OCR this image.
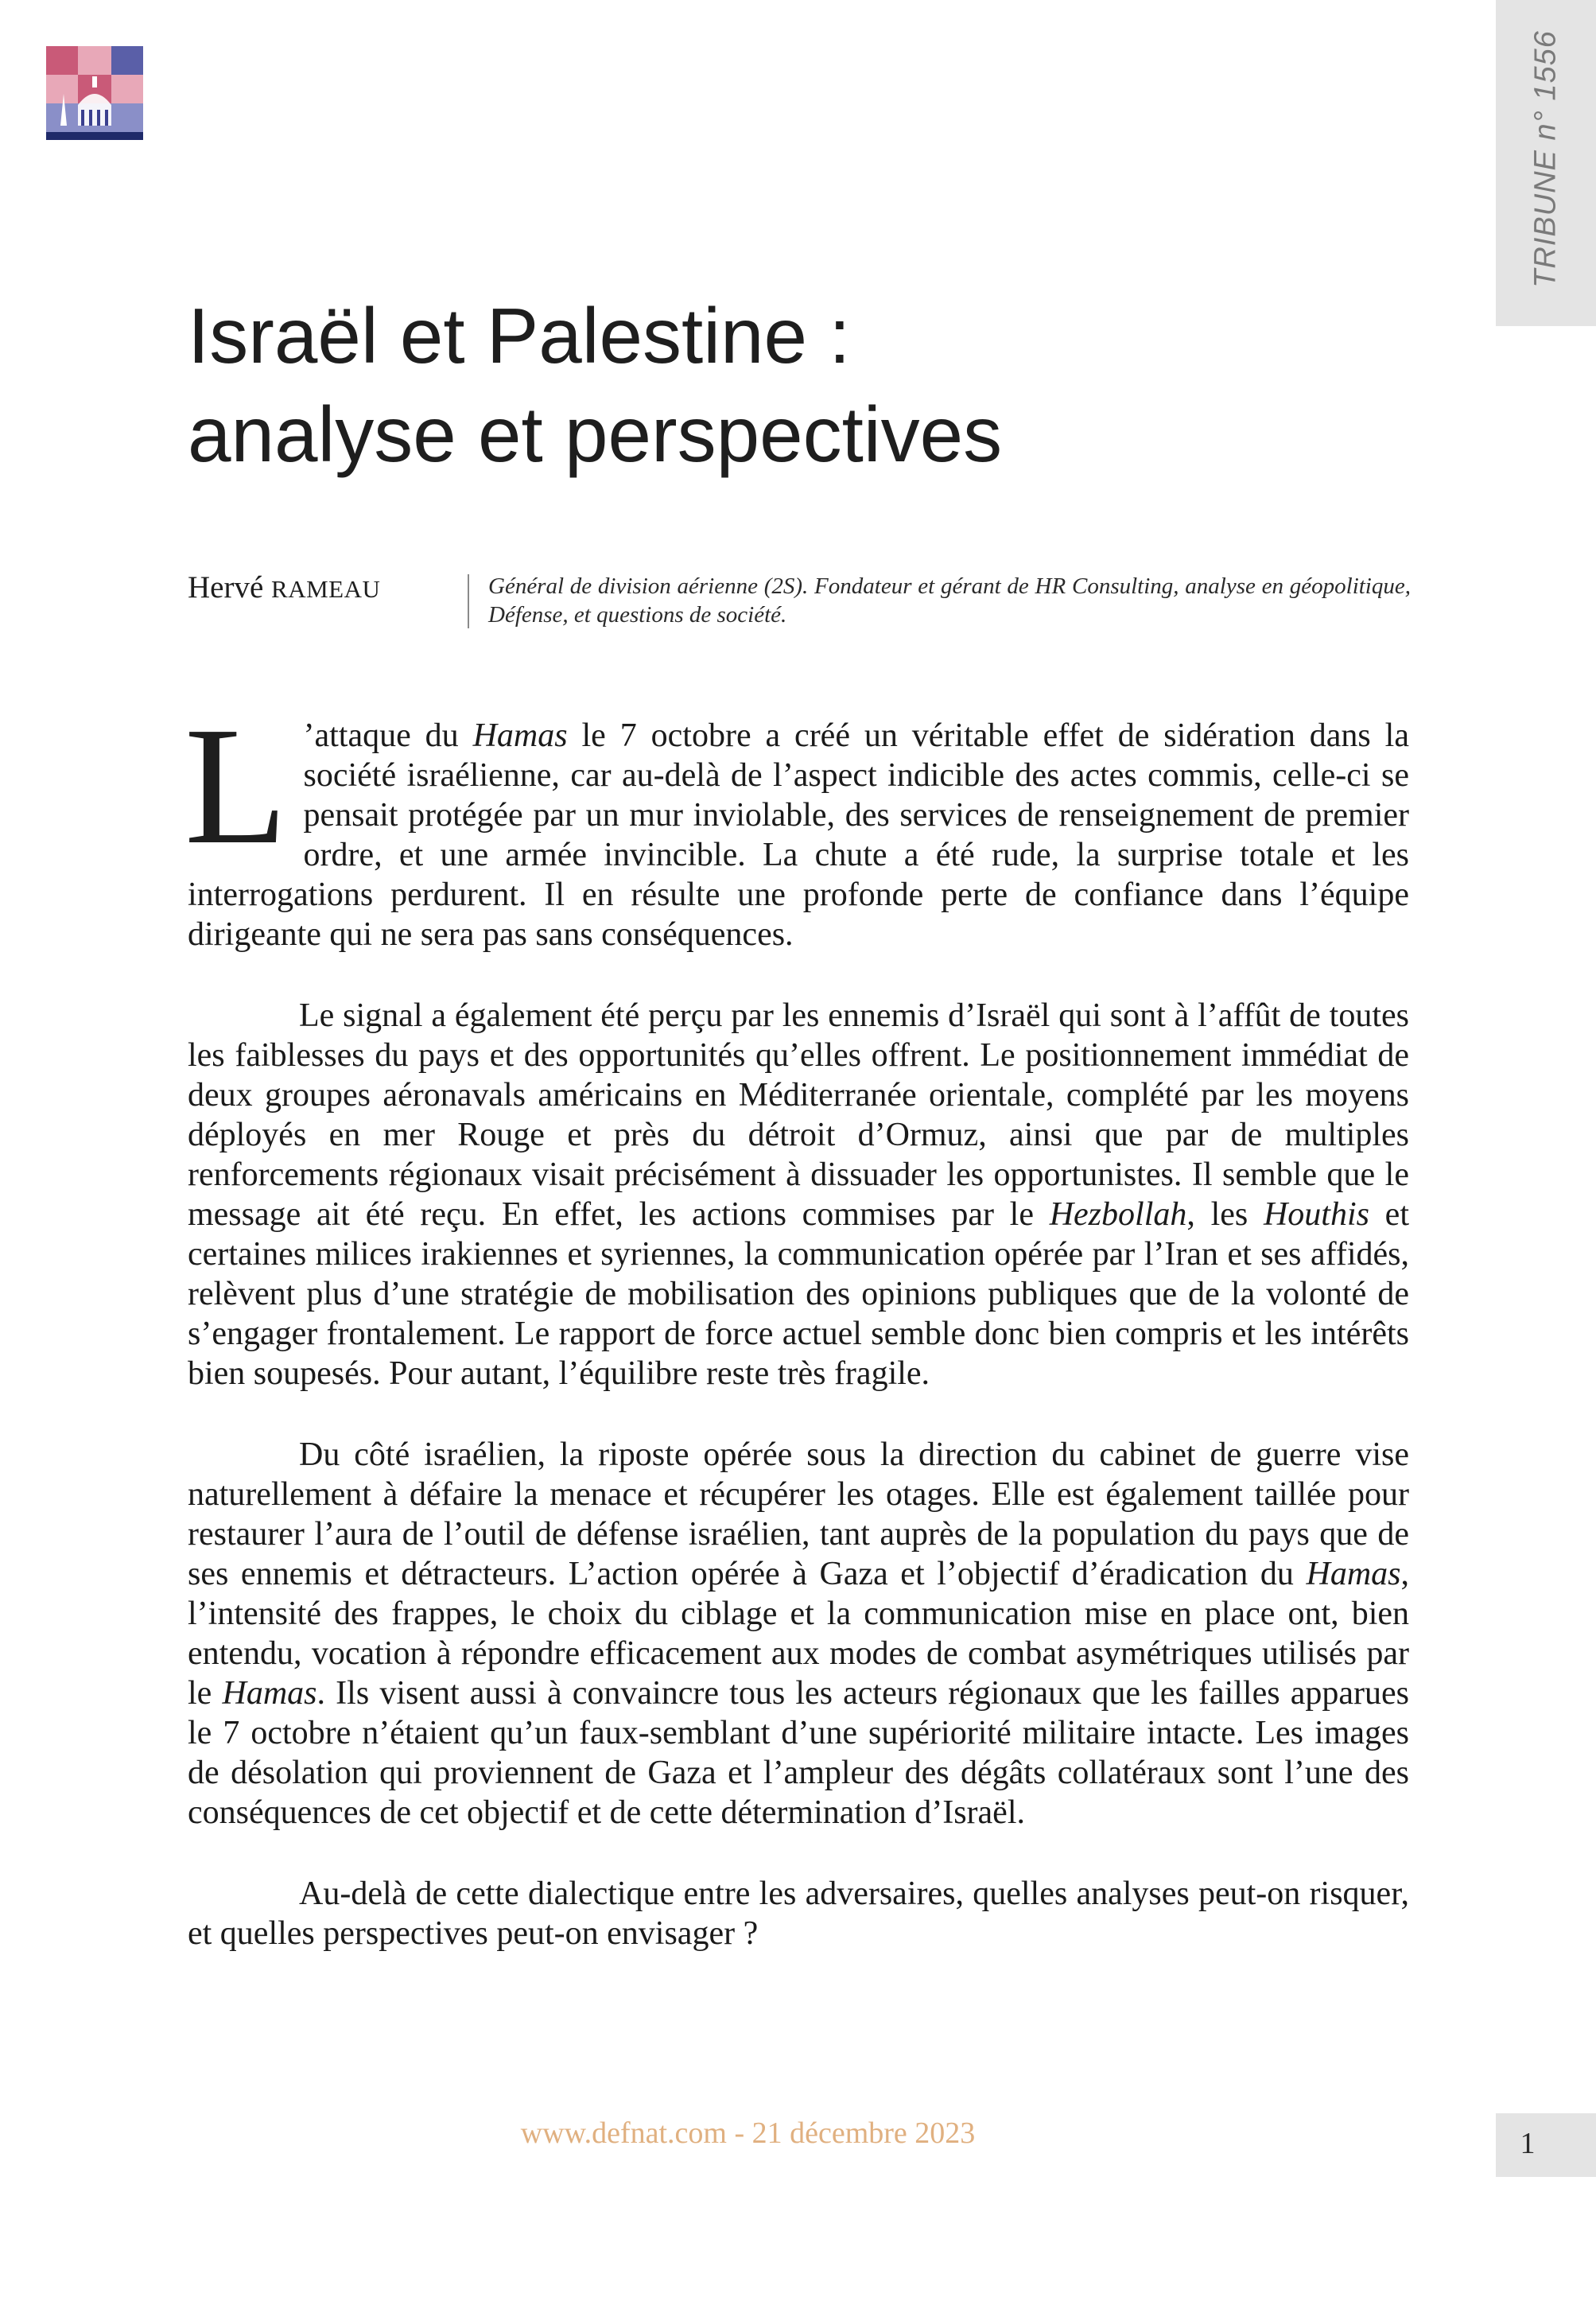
TRIBUNE n° 1556
Israël et Palestine :
analyse et perspectives
Hervé RAMEAU	Général de division aérienne (2S). Fondateur et gérant de HR Consulting, analyse en géopolitique, Défense, et questions de société.

L ’attaque du Hamas le 7 octobre a créé un véritable effet de sidération dans la société israélienne, car au-delà de l’aspect indicible des actes commis, celle-ci se pensait protégée par un mur inviolable, des services de renseignement de premier ordre, et une armée invincible. La chute a été rude, la surprise totale et les interrogations perdurent. Il en résulte une profonde perte de confiance dans l’équipe dirigeante qui ne sera pas sans conséquences.

Le signal a également été perçu par les ennemis d’Israël qui sont à l’affût de toutes les faiblesses du pays et des opportunités qu’elles offrent. Le positionnement immédiat de deux groupes aéronavals américains en Méditerranée orientale, complété par les moyens déployés en mer Rouge et près du détroit d’Ormuz, ainsi que par de multiples renforcements régionaux visait précisément à dissuader les opportunistes. Il semble que le message ait été reçu. En effet, les actions commises par le Hezbollah, les Houthis et certaines milices irakiennes et syriennes, la communication opérée par l’Iran et ses affidés, relèvent plus d’une stratégie de mobilisation des opinions publiques que de la volonté de s’engager frontalement. Le rapport de force actuel semble donc bien compris et les intérêts bien soupesés. Pour autant, l’équilibre reste très fragile.

Du côté israélien, la riposte opérée sous la direction du cabinet de guerre vise naturellement à défaire la menace et récupérer les otages. Elle est également taillée pour restaurer l’aura de l’outil de défense israélien, tant auprès de la population du pays que de ses ennemis et détracteurs. L’action opérée à Gaza et l’objectif d’éradication du Hamas, l’intensité des frappes, le choix du ciblage et la communication mise en place ont, bien entendu, vocation à répondre efficacement aux modes de combat asymétriques utilisés par le Hamas. Ils visent aussi à convaincre tous les acteurs régionaux que les failles apparues le 7 octobre n’étaient qu’un faux-semblant d’une supériorité militaire intacte. Les images de désolation qui proviennent de Gaza et l’ampleur des dégâts collatéraux sont l’une des conséquences de cet objectif et de cette détermination d’Israël.

Au-delà de cette dialectique entre les adversaires, quelles analyses peut-on risquer, et quelles perspectives peut-on envisager ?

www.defnat.com - 21 décembre 2023	1
